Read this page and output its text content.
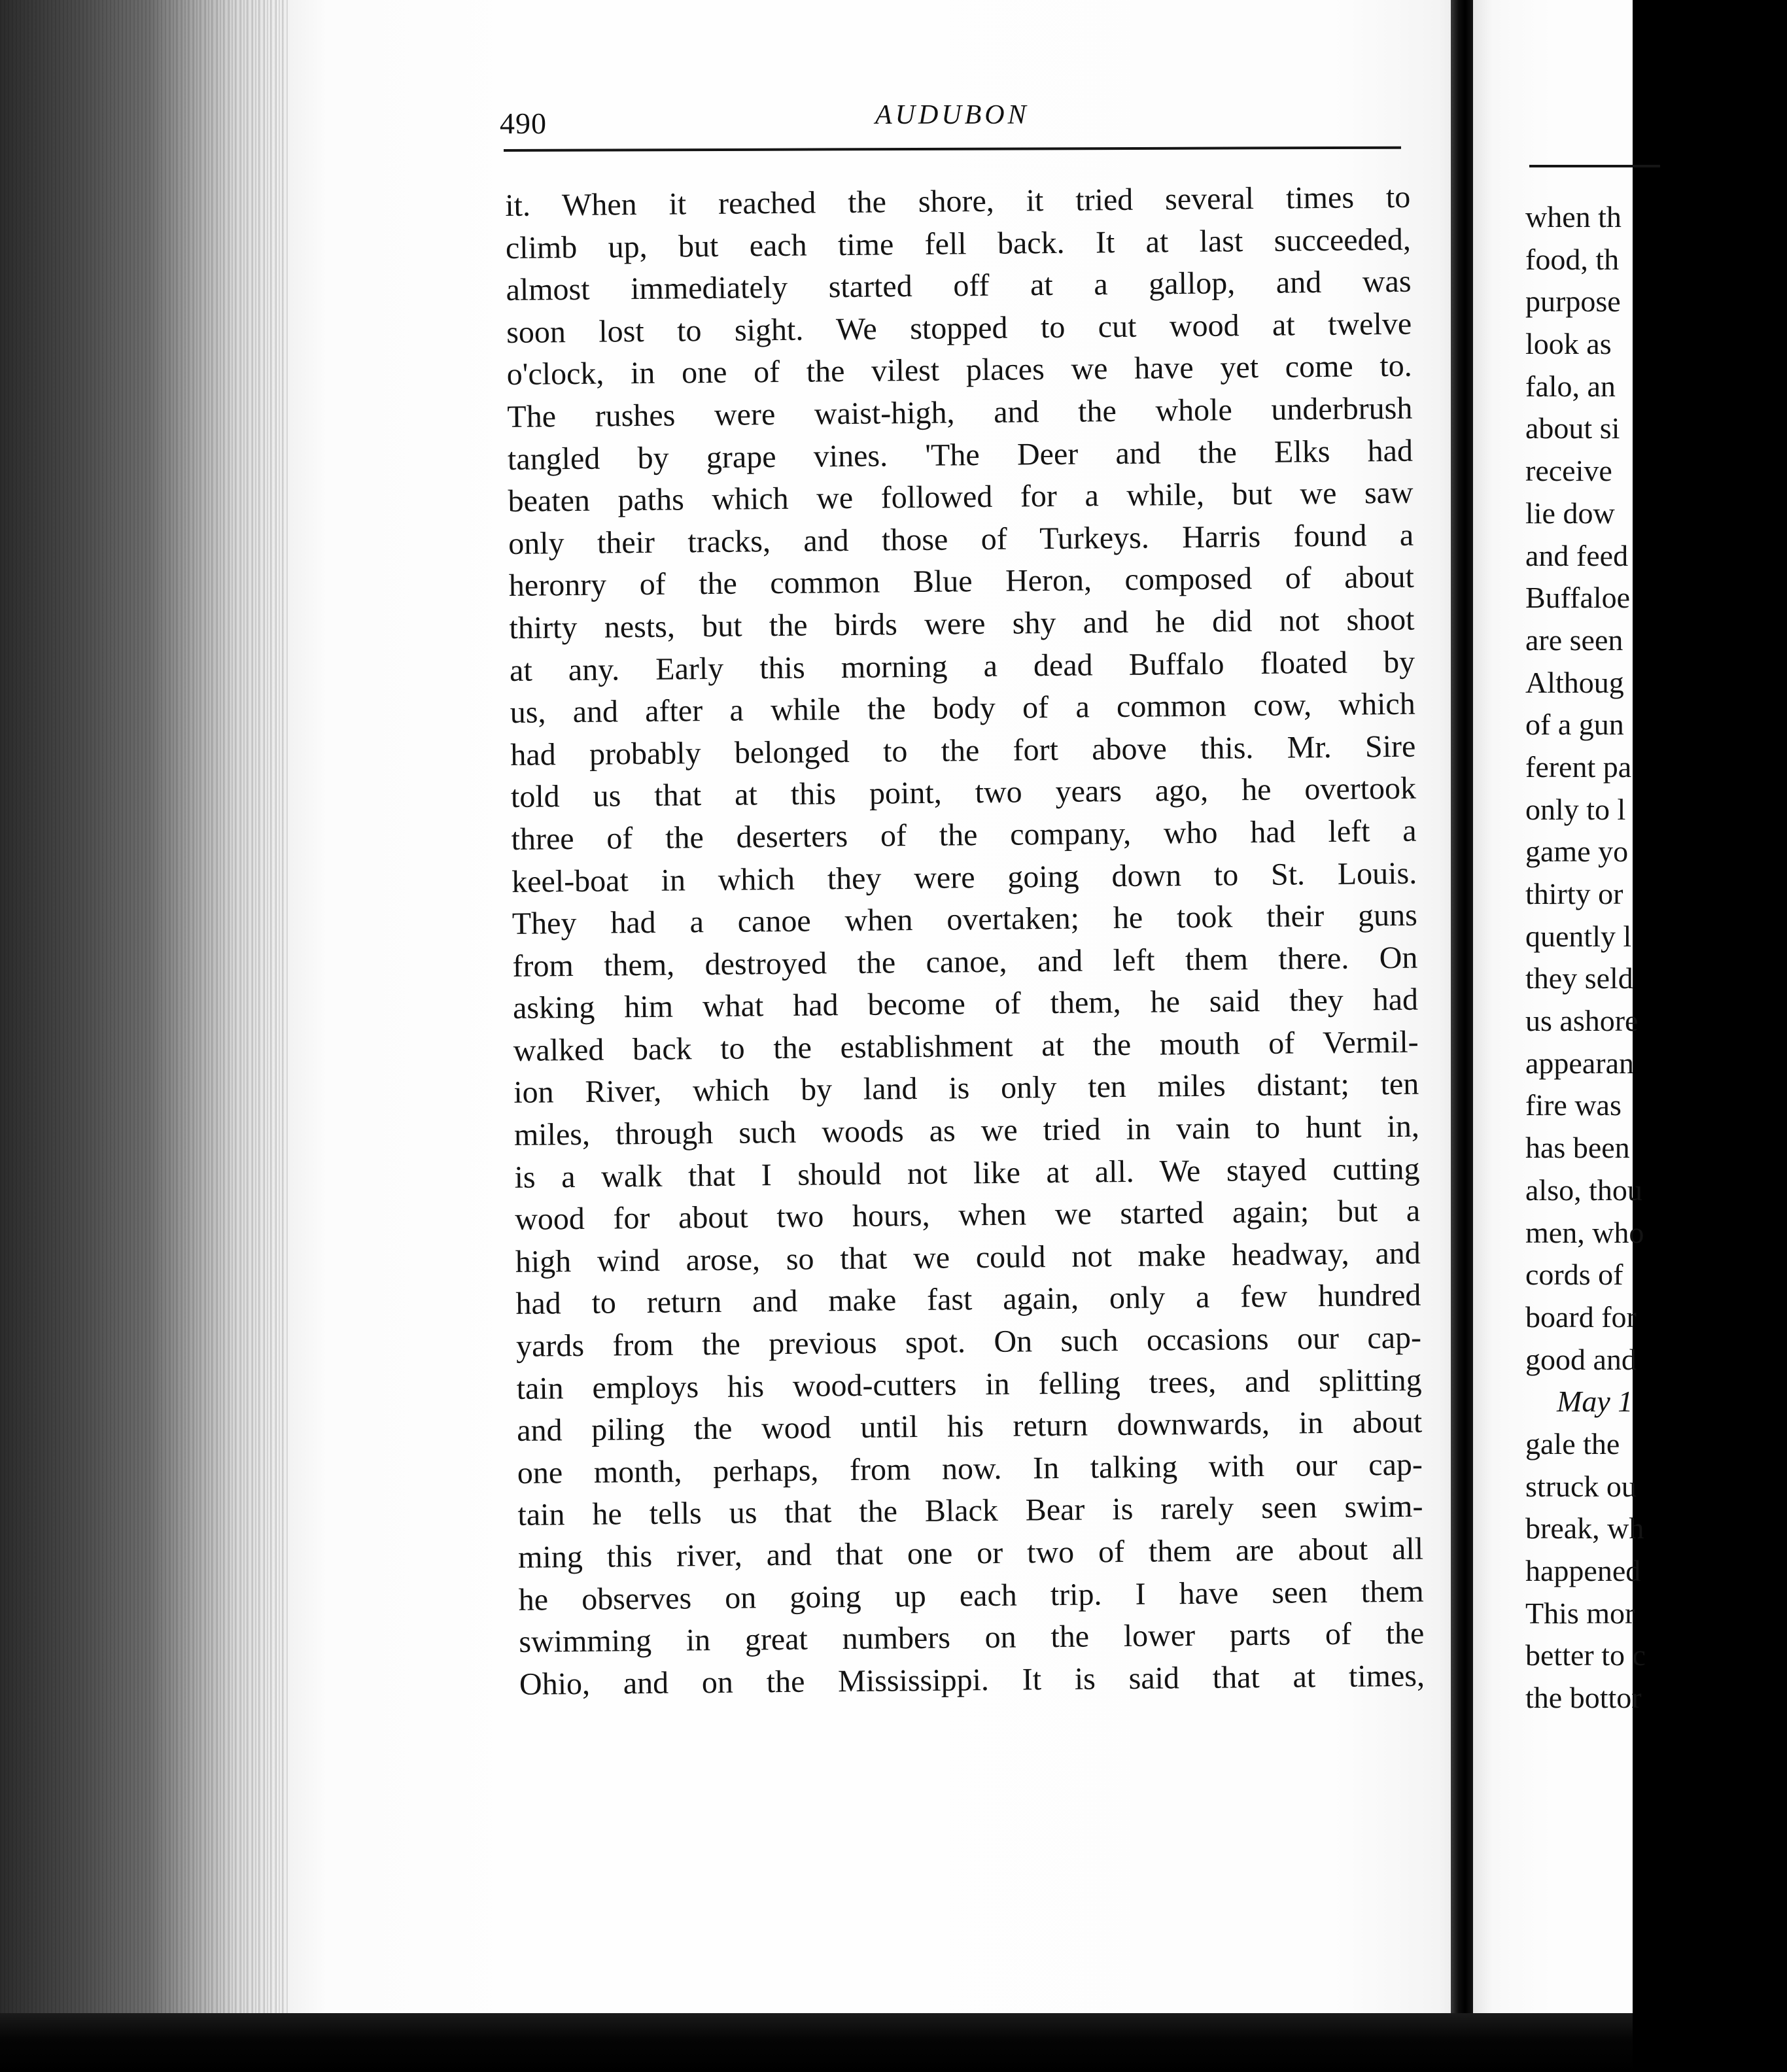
when th
food, th
purpose
look as
falo, an
about si
receive
lie dow
and feed
Buffaloe
are seen
Althoug
of a gun
ferent pa
only to l
game yo
thirty or
quently l
they seld
us ashore
appearan
fire was
has been
also, thou
men, who
cords of
board for
good and
May 1
gale the
struck ou
break, wh
happened
This mor
better to c
the bottor
490	AUDUBON
it. When it reached the shore, it tried several times to
climb up, but each time fell back. It at last succeeded,
almost immediately started off at a gallop, and was
soon lost to sight. We stopped to cut wood at twelve
o'clock, in one of the vilest places we have yet come to.
The rushes were waist-high, and the whole underbrush
tangled by grape vines. 'The Deer and the Elks had
beaten paths which we followed for a while, but we saw
only their tracks, and those of Turkeys. Harris found a
heronry of the common Blue Heron, composed of about
thirty nests, but the birds were shy and he did not shoot
at any. Early this morning a dead Buffalo floated by
us, and after a while the body of a common cow, which
had probably belonged to the fort above this. Mr. Sire
told us that at this point, two years ago, he overtook
three of the deserters of the company, who had left a
keel-boat in which they were going down to St. Louis.
They had a canoe when overtaken; he took their guns
from them, destroyed the canoe, and left them there. On
asking him what had become of them, he said they had
walked back to the establishment at the mouth of Vermil-
ion River, which by land is only ten miles distant; ten
miles, through such woods as we tried in vain to hunt in,
is a walk that I should not like at all. We stayed cutting
wood for about two hours, when we started again; but a
high wind arose, so that we could not make headway, and
had to return and make fast again, only a few hundred
yards from the previous spot. On such occasions our cap-
tain employs his wood-cutters in felling trees, and splitting
and piling the wood until his return downwards, in about
one month, perhaps, from now. In talking with our cap-
tain he tells us that the Black Bear is rarely seen swim-
ming this river, and that one or two of them are about all
he observes on going up each trip. I have seen them
swimming in great numbers on the lower parts of the
Ohio, and on the Mississippi. It is said that at times,
